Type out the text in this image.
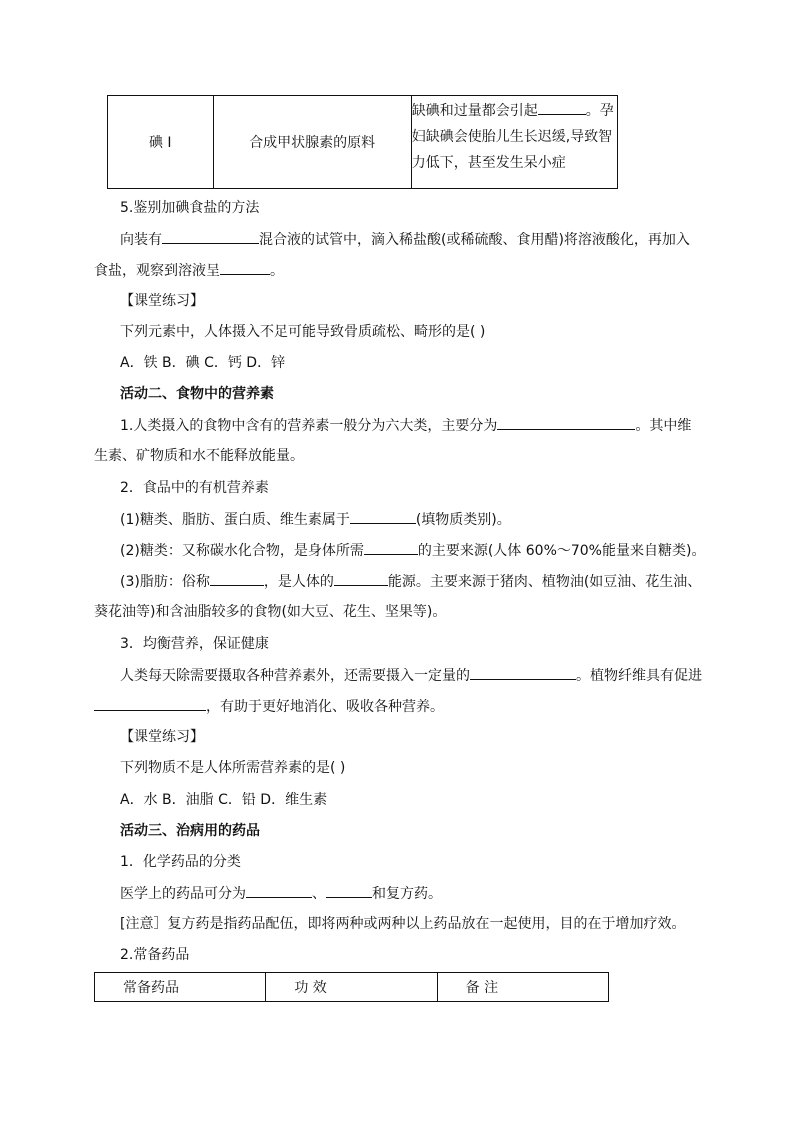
碘 I	合成甲状腺素的原料	
缺碘和过量都会引起	。孕
妇缺碘会使胎儿生长迟缓,导致智
力低下，甚至发生呆小症
5.鉴别加碘食盐的方法
向装有	混合液的试管中，滴入稀盐酸(或稀硫酸、食用醋)将溶液酸化，再加入
食盐，观察到溶液呈	。
【课堂练习】
下列元素中，人体摄入不足可能导致骨质疏松、畸形的是( )
A．铁 B．碘 C．钙 D．锌
活动二、食物中的营养素
1.人类摄入的食物中含有的营养素一般分为六大类，主要分为	。其中维
生素、矿物质和水不能释放能量。
2．食品中的有机营养素
(1)糖类、脂肪、蛋白质、维生素属于	(填物质类别)。
(2)糖类：又称碳水化合物，是身体所需	的主要来源(人体 60%～70%能量来自糖类)。
(3)脂肪：俗称	，是人体的	能源。主要来源于猪肉、植物油(如豆油、花生油、
葵花油等)和含油脂较多的食物(如大豆、花生、坚果等)。
3．均衡营养，保证健康
人类每天除需要摄取各种营养素外，还需要摄入一定量的	。植物纤维具有促进
，有助于更好地消化、吸收各种营养。
【课堂练习】
下列物质不是人体所需营养素的是( )
A．水 B．油脂 C．铅 D．维生素
活动三、治病用的药品
1．化学药品的分类
医学上的药品可分为	、	和复方药。
[注意］复方药是指药品配伍，即将两种或两种以上药品放在一起使用，目的在于增加疗效。
2.常备药品
常备药品	功 效	备 注
